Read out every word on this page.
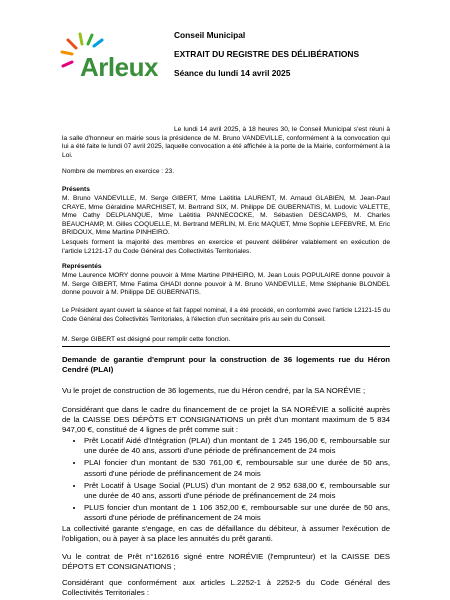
Arleux
Conseil Municipal
EXTRAIT DU REGISTRE DES DÉLIBÉRATIONS
Séance du lundi 14 avril 2025
Le lundi 14 avril 2025, à 18 heures 30, le Conseil Municipal s'est réuni à la salle d'honneur en mairie sous la présidence de M. Bruno VANDEVILLE, conformément à la convocation qui lui a été faite le lundi 07 avril 2025, laquelle convocation a été affichée à la porte de la Mairie, conformément à la Loi.
Nombre de membres en exercice : 23.
Présents
M. Bruno VANDEVILLE, M. Serge GIBERT, Mme Laëtitia LAURENT, M. Arnaud GLABIEN, M. Jean-Paul CRAYE, Mme Géraldine MARCHISET, M. Bertrand SIX, M. Philippe DE GUBERNATIS, M. Ludovic VALETTE, Mme Cathy DELPLANQUE, Mme Laëtitia PANNECOCKE, M. Sébastien DESCAMPS, M. Charles BEAUCHAMP, M. Gilles COQUELLE, M. Bertrand MERLIN, M. Eric MAQUET, Mme Sophie LEFEBVRE, M. Eric BRIDOUX, Mme Martine PINHEIRO.
Lesquels forment la majorité des membres en exercice et peuvent délibérer valablement en exécution de l'article L2121-17 du Code Général des Collectivités Territoriales.
Représentés
Mme Laurence MORY donne pouvoir à Mme Martine PINHEIRO, M. Jean Louis POPULAIRE donne pouvoir à M. Serge GIBERT, Mme Fatima GHADI donne pouvoir à M. Bruno VANDEVILLE, Mme Stéphanie BLONDEL donne pouvoir à M. Philippe DE GUBERNATIS.
Le Président ayant ouvert la séance et fait l'appel nominal, il a été procédé, en conformité avec l'article L2121-15 du Code Général des Collectivités Territoriales, à l'élection d'un secrétaire pris au sein du Conseil.
M. Serge GIBERT est désigné pour remplir cette fonction.
Demande de garantie d'emprunt pour la construction de 36 logements rue du Héron Cendré (PLAI)
Vu le projet de construction de 36 logements, rue du Héron cendré, par la SA NORÉVIE ;
Considérant que dans le cadre du financement de ce projet la SA NORÉVIE a sollicité auprès de la CAISSE DES DÉPÔTS ET CONSIGNATIONS un prêt d'un montant maximum de 5 834 947,00 €, constitué de 4 lignes de prêt comme suit :
• Prêt Locatif Aidé d'Intégration (PLAI) d'un montant de 1 245 196,00 €, remboursable sur une durée de 40 ans, assorti d'une période de préfinancement de 24 mois
• PLAI foncier d'un montant de 530 761,00 €, remboursable sur une durée de 50 ans, assorti d'une période de préfinancement de 24 mois
• Prêt Locatif à Usage Social (PLUS) d'un montant de 2 952 638,00 €, remboursable sur une durée de 40 ans, assorti d'une période de préfinancement de 24 mois
• PLUS foncier d'un montant de 1 106 352,00 €, remboursable sur une durée de 50 ans, assorti d'une période de préfinancement de 24 mois
La collectivité garante s'engage, en cas de défaillance du débiteur, à assumer l'exécution de l'obligation, ou à payer à sa place les annuités du prêt garanti.
Vu le contrat de Prêt n°162616 signé entre NORÉVIE (l'emprunteur) et la CAISSE DES DÉPOTS ET CONSIGNATIONS ;
Considérant que conformément aux articles L.2252-1 à 2252-5 du Code Général des Collectivités Territoriales :
